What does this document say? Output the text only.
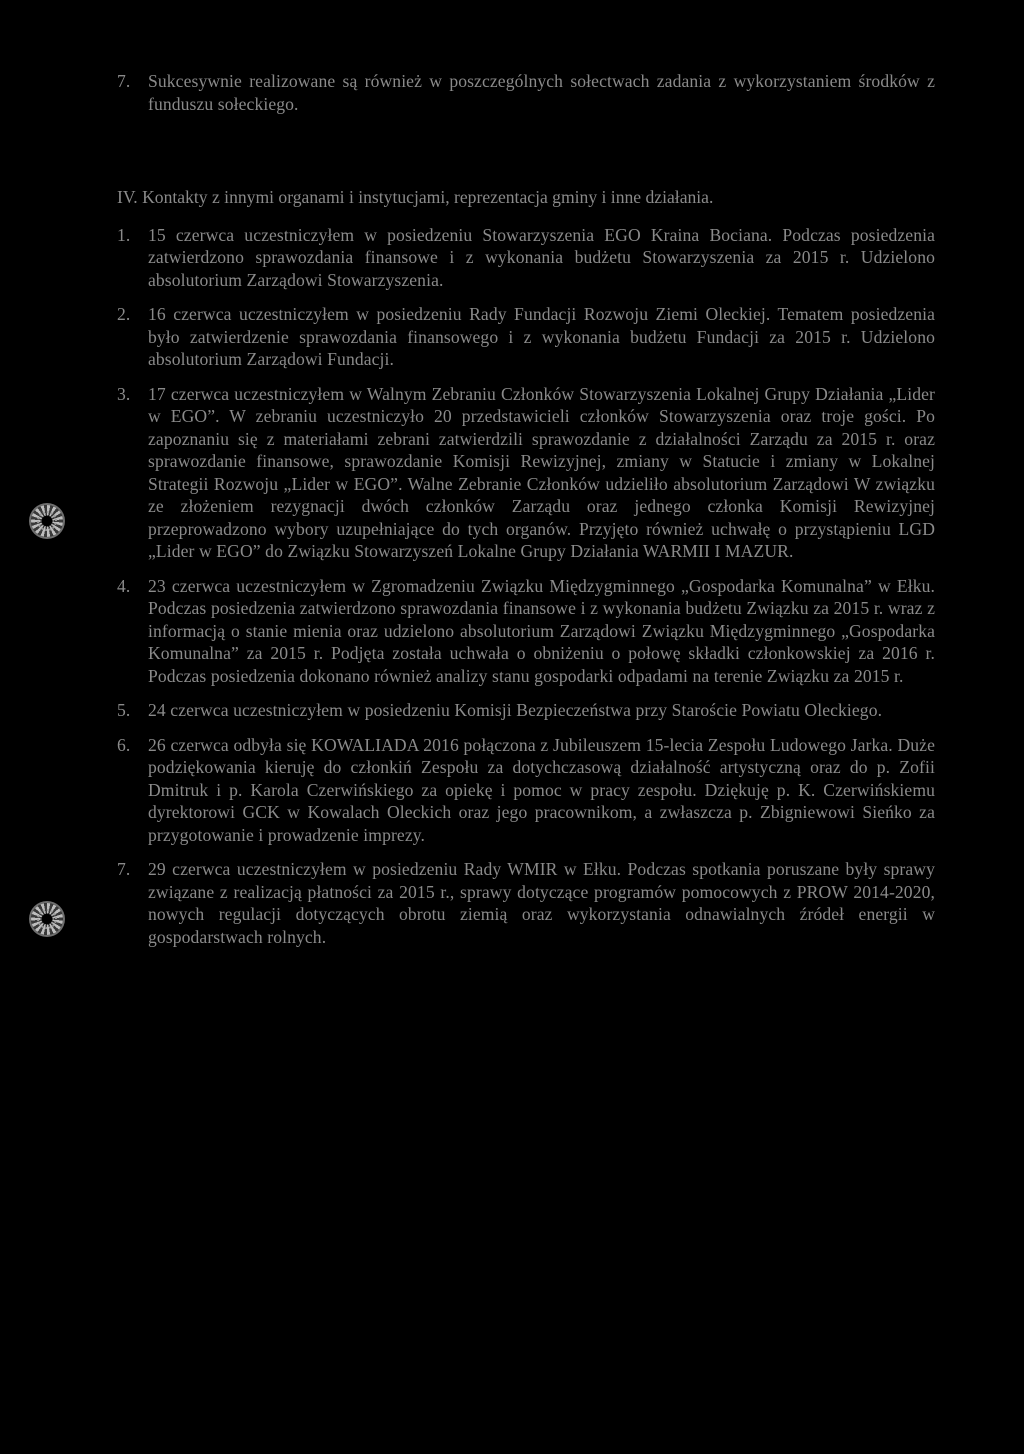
7. Sukcesywnie realizowane są również w poszczególnych sołectwach zadania z wykorzystaniem środków z funduszu sołeckiego.
IV. Kontakty z innymi organami i instytucjami, reprezentacja gminy i inne działania.
1. 15 czerwca uczestniczyłem w posiedzeniu Stowarzyszenia EGO Kraina Bociana. Podczas posiedzenia zatwierdzono sprawozdania finansowe i z wykonania budżetu Stowarzyszenia za 2015 r. Udzielono absolutorium Zarządowi Stowarzyszenia.
2. 16 czerwca uczestniczyłem w posiedzeniu Rady Fundacji Rozwoju Ziemi Oleckiej. Tematem posiedzenia było zatwierdzenie sprawozdania finansowego i z wykonania budżetu Fundacji za 2015 r. Udzielono absolutorium Zarządowi Fundacji.
3. 17 czerwca uczestniczyłem w Walnym Zebraniu Członków Stowarzyszenia Lokalnej Grupy Działania „Lider w EGO”. W zebraniu uczestniczyło 20 przedstawicieli członków Stowarzyszenia oraz troje gości. Po zapoznaniu się z materiałami zebrani zatwierdzili sprawozdanie z działalności Zarządu za 2015 r. oraz sprawozdanie finansowe, sprawozdanie Komisji Rewizyjnej, zmiany w Statucie i zmiany w Lokalnej Strategii Rozwoju „Lider w EGO”. Walne Zebranie Członków udzieliło absolutorium Zarządowi W związku ze złożeniem rezygnacji dwóch członków Zarządu oraz jednego członka Komisji Rewizyjnej przeprowadzono wybory uzupełniające do tych organów. Przyjęto również uchwałę o przystąpieniu LGD „Lider w EGO” do Związku Stowarzyszeń Lokalne Grupy Działania WARMII I MAZUR.
4. 23 czerwca uczestniczyłem w Zgromadzeniu Związku Międzygminnego „Gospodarka Komunalna” w Ełku. Podczas posiedzenia zatwierdzono sprawozdania finansowe i z wykonania budżetu Związku za 2015 r. wraz z informacją o stanie mienia oraz udzielono absolutorium Zarządowi Związku Międzygminnego „Gospodarka Komunalna” za 2015 r. Podjęta została uchwała o obniżeniu o połowę składki członkowskiej za 2016 r. Podczas posiedzenia dokonano również analizy stanu gospodarki odpadami na terenie Związku za 2015 r.
5. 24 czerwca uczestniczyłem w posiedzeniu Komisji Bezpieczeństwa przy Staroście Powiatu Oleckiego.
6. 26 czerwca odbyła się KOWALIADA 2016 połączona z Jubileuszem 15-lecia Zespołu Ludowego Jarka. Duże podziękowania kieruję do członkiń Zespołu za dotychczasową działalność artystyczną oraz do p. Zofii Dmitruk i p. Karola Czerwińskiego za opiekę i pomoc w pracy zespołu. Dziękuję p. K. Czerwińskiemu dyrektorowi GCK w Kowalach Oleckich oraz jego pracownikom, a zwłaszcza p. Zbigniewowi Sieńko za przygotowanie i prowadzenie imprezy.
7. 29 czerwca uczestniczyłem w posiedzeniu Rady WMIR w Ełku. Podczas spotkania poruszane były sprawy związane z realizacją płatności za 2015 r., sprawy dotyczące programów pomocowych z PROW 2014-2020, nowych regulacji dotyczących obrotu ziemią oraz wykorzystania odnawialnych źródeł energii w gospodarstwach rolnych.
